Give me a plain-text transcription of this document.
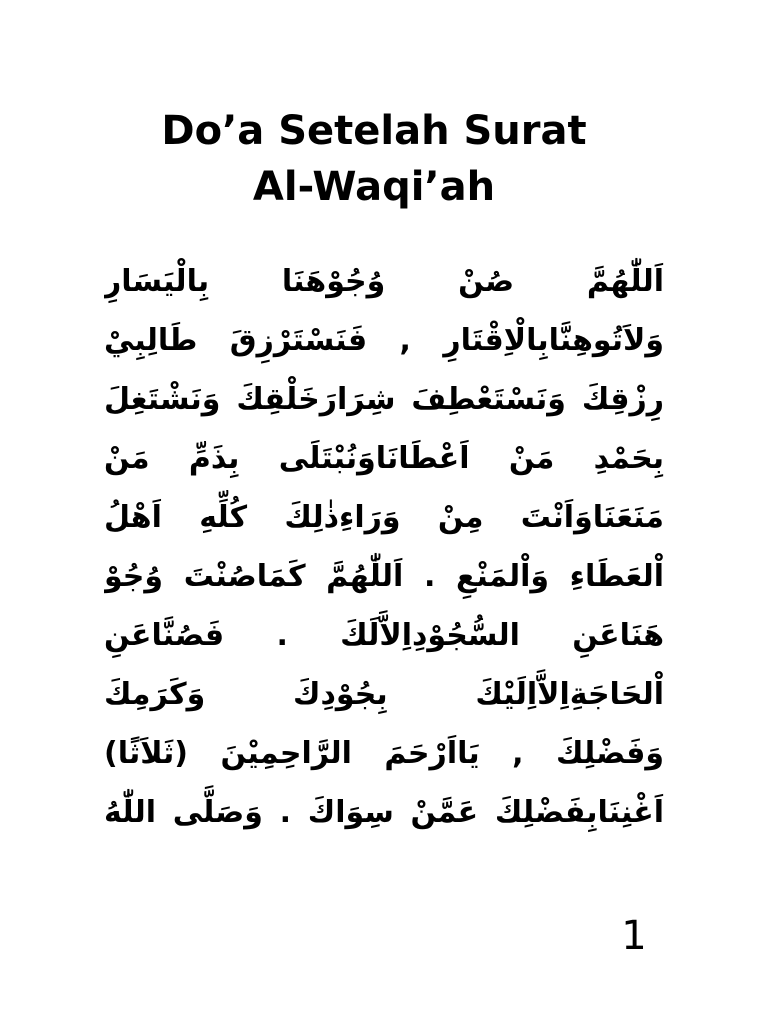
Do’a Setelah Surat
Al-Waqi’ah
اَللّٰهُمَّ صُنْ وُجُوْهَنَا بِالْيَسَارِ
وَلاَتُوهِنَّابِالْاِقْتَارِ , فَنَسْتَرْزِقَ طَالِبِيْ
رِزْقِكَ وَنَسْتَعْطِفَ شِرَارَخَلْقِكَ وَنَشْتَغِلَ
بِحَمْدِ مَنْ اَعْطَانَاوَنُبْتَلَى بِذَمِّ مَنْ
مَنَعَنَاوَاَنْتَ مِنْ وَرَاءِذٰلِكَ كُلِّهِ اَهْلُ
اْلعَطَاءِ وَاْلمَنْعِ . اَللّٰهُمَّ كَمَاصُنْتَ وُجُوْ
هَنَاعَنِ السُّجُوْدِاِلاَّلَكَ . فَصُنَّاعَنِ
اْلحَاجَةِاِلاَّاِلَيْكَ بِجُوْدِكَ وَكَرَمِكَ
وَفَضْلِكَ , يَااَرْحَمَ الرَّاحِمِيْنَ (ثَلاَثًا)
اَغْنِنَابِفَضْلِكَ عَمَّنْ سِوَاكَ . وَصَلَّى اللّٰهُ
1
